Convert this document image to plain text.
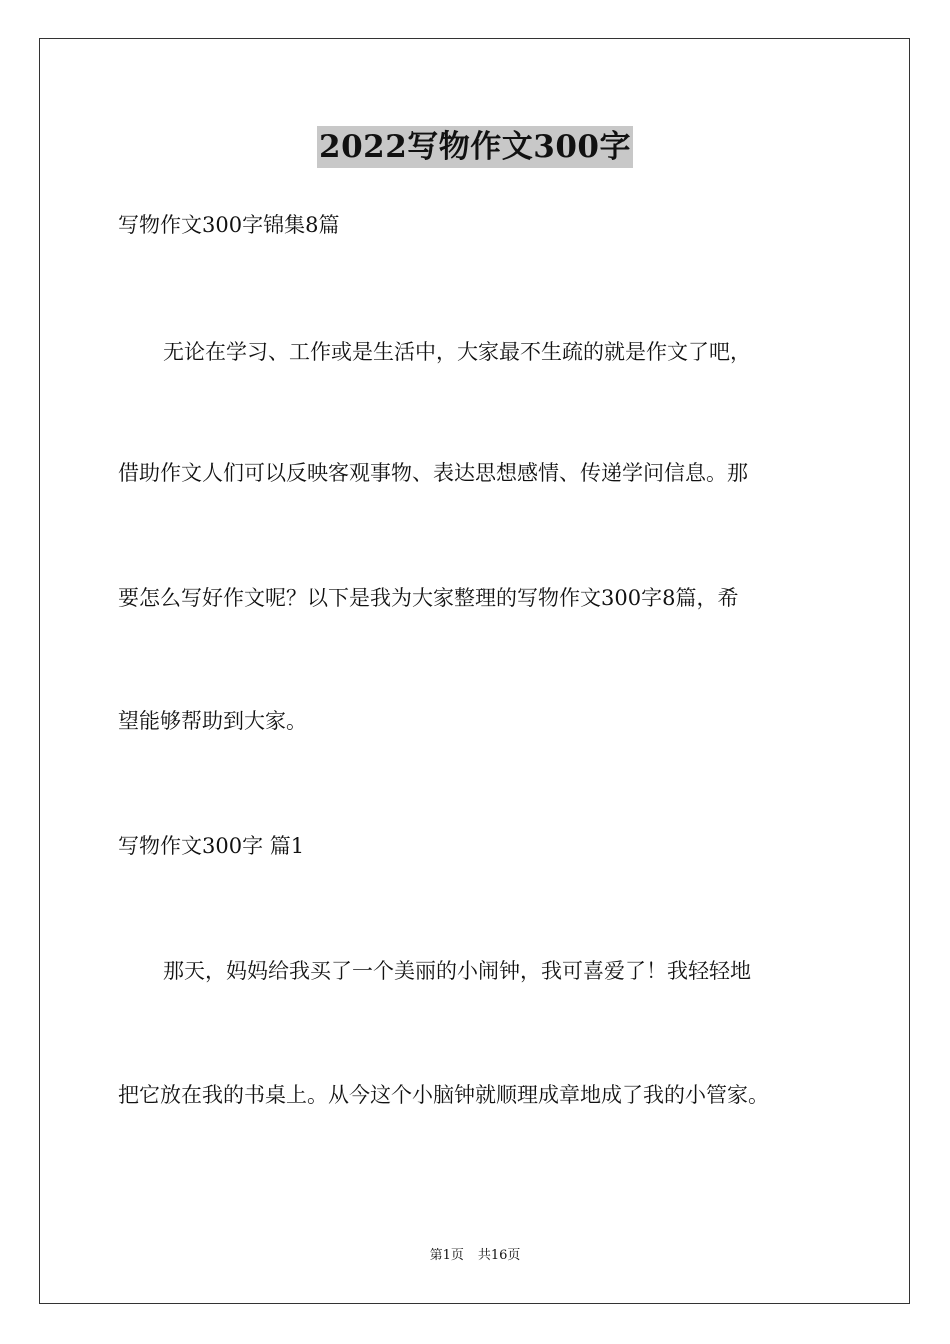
2022写物作文300字
写物作文300字锦集8篇
无论在学习、工作或是生活中，大家最不生疏的就是作文了吧，
借助作文人们可以反映客观事物、表达思想感情、传递学问信息。那
要怎么写好作文呢？以下是我为大家整理的写物作文300字8篇，希
望能够帮助到大家。
写物作文300字 篇1
那天，妈妈给我买了一个美丽的小闹钟，我可喜爱了！我轻轻地
把它放在我的书桌上。从今这个小脑钟就顺理成章地成了我的小管家。
第1页 共16页
